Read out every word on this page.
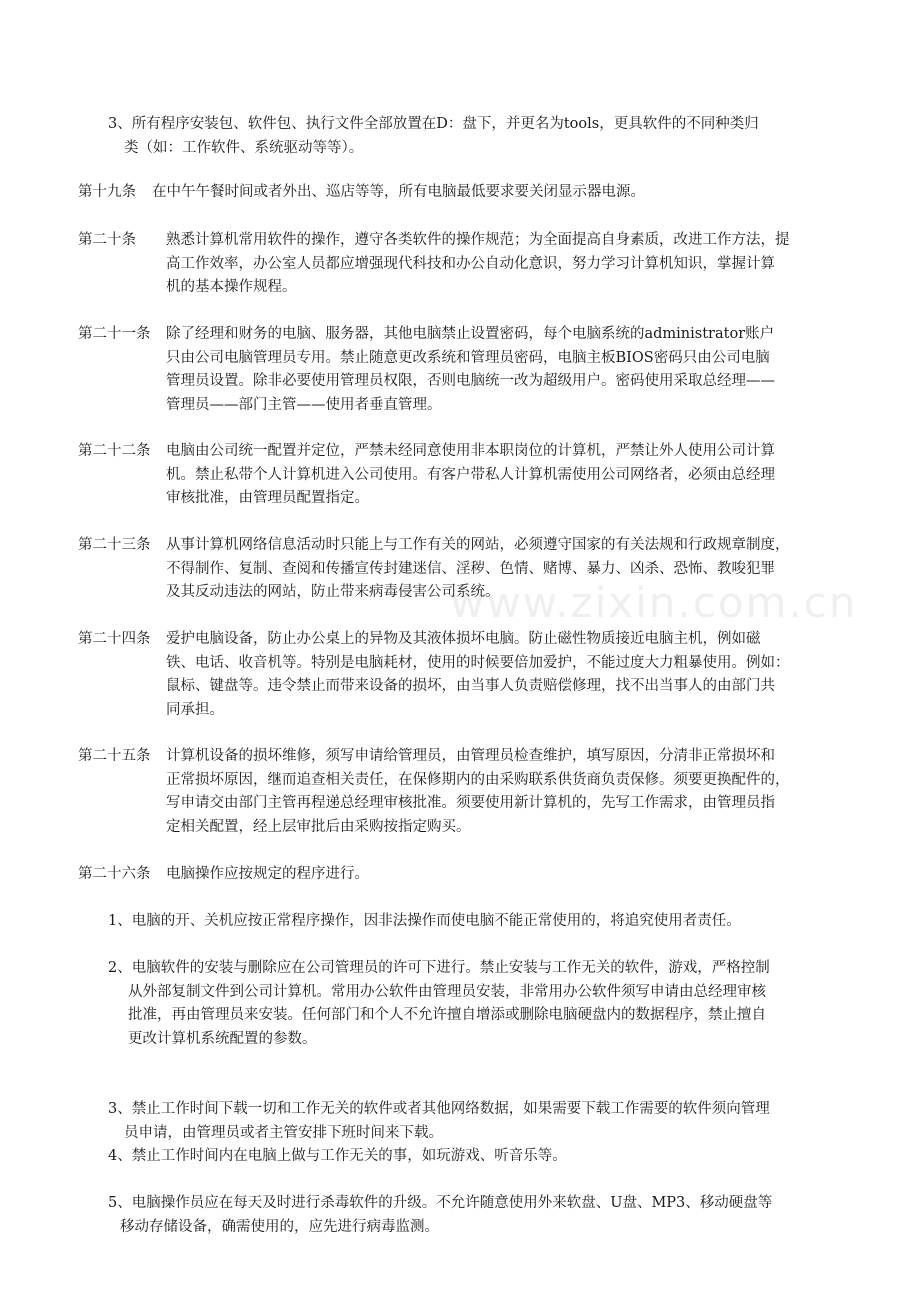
www.zixin.com.cn
3、所有程序安装包、软件包、执行文件全部放置在D：盘下，并更名为tools，更具软件的不同种类归
类（如：工作软件、系统驱动等等）。
第十九条 在中午午餐时间或者外出、巡店等等，所有电脑最低要求要关闭显示器电源。
第二十条 熟悉计算机常用软件的操作，遵守各类软件的操作规范；为全面提高自身素质，改进工作方法，提
高工作效率，办公室人员都应增强现代科技和办公自动化意识，努力学习计算机知识，掌握计算
机的基本操作规程。
第二十一条 除了经理和财务的电脑、服务器，其他电脑禁止设置密码，每个电脑系统的administrator账户
只由公司电脑管理员专用。禁止随意更改系统和管理员密码，电脑主板BIOS密码只由公司电脑
管理员设置。除非必要使用管理员权限，否则电脑统一改为超级用户。密码使用采取总经理——
管理员——部门主管——使用者垂直管理。
第二十二条 电脑由公司统一配置并定位，严禁未经同意使用非本职岗位的计算机，严禁让外人使用公司计算
机。禁止私带个人计算机进入公司使用。有客户带私人计算机需使用公司网络者，必须由总经理
审核批准，由管理员配置指定。
第二十三条 从事计算机网络信息活动时只能上与工作有关的网站，必须遵守国家的有关法规和行政规章制度，
不得制作、复制、查阅和传播宣传封建迷信、淫秽、色情、赌博、暴力、凶杀、恐怖、教唆犯罪
及其反动违法的网站，防止带来病毒侵害公司系统。
第二十四条 爱护电脑设备，防止办公桌上的异物及其液体损坏电脑。防止磁性物质接近电脑主机，例如磁
铁、电话、收音机等。特别是电脑耗材，使用的时候要倍加爱护，不能过度大力粗暴使用。例如：
鼠标、键盘等。违令禁止而带来设备的损坏，由当事人负责赔偿修理，找不出当事人的由部门共
同承担。
第二十五条 计算机设备的损坏维修，须写申请给管理员，由管理员检查维护，填写原因，分清非正常损坏和
正常损坏原因，继而追查相关责任，在保修期内的由采购联系供货商负责保修。须要更换配件的，
写申请交由部门主管再程递总经理审核批准。须要使用新计算机的，先写工作需求，由管理员指
定相关配置，经上层审批后由采购按指定购买。
第二十六条 电脑操作应按规定的程序进行。
1、电脑的开、关机应按正常程序操作，因非法操作而使电脑不能正常使用的，将追究使用者责任。
2、电脑软件的安装与删除应在公司管理员的许可下进行。禁止安装与工作无关的软件，游戏，严格控制
从外部复制文件到公司计算机。常用办公软件由管理员安装，非常用办公软件须写申请由总经理审核
批准，再由管理员来安装。任何部门和个人不允许擅自增添或删除电脑硬盘内的数据程序，禁止擅自
更改计算机系统配置的参数。
3、禁止工作时间下载一切和工作无关的软件或者其他网络数据，如果需要下载工作需要的软件须向管理
员申请，由管理员或者主管安排下班时间来下载。
4、禁止工作时间内在电脑上做与工作无关的事，如玩游戏、听音乐等。
5、电脑操作员应在每天及时进行杀毒软件的升级。不允许随意使用外来软盘、U盘、MP3、移动硬盘等
移动存储设备，确需使用的，应先进行病毒监测。
